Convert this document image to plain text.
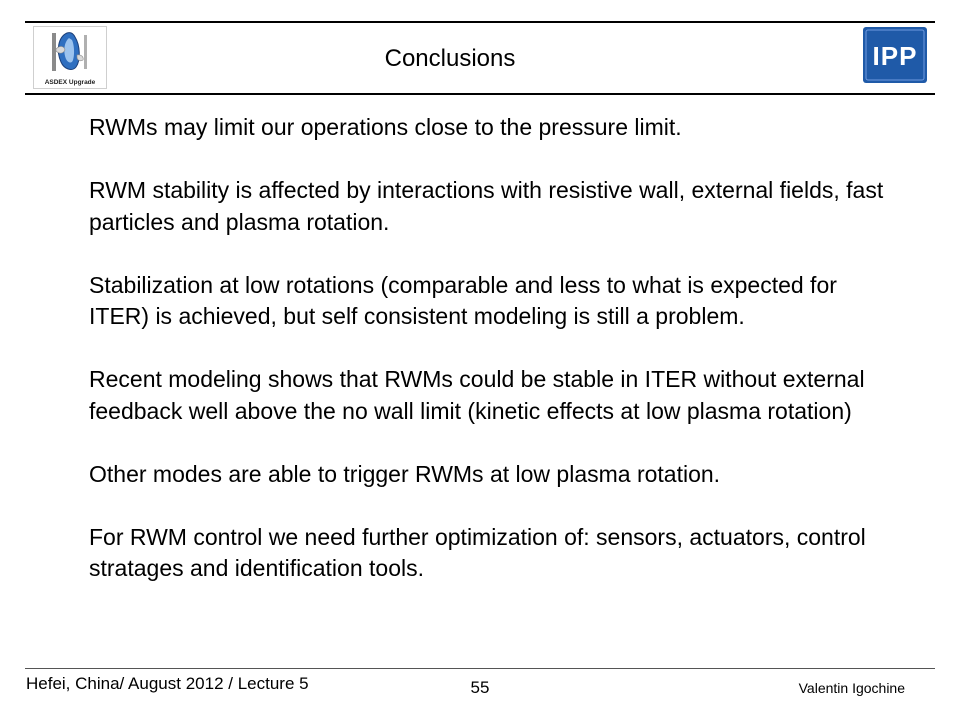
ASDEX Upgrade
Conclusions	IPP

RWMs may limit our operations close to the pressure limit.

RWM stability is affected by interactions with resistive wall, external fields, fast particles and plasma rotation.

Stabilization at low rotations (comparable and less to what is expected for ITER) is achieved, but self consistent modeling is still a problem.

Recent modeling shows that RWMs could be stable in ITER without external feedback well above the no wall limit (kinetic effects at low plasma rotation)

Other modes are able to trigger RWMs at low plasma rotation.

For RWM control we need further optimization of: sensors, actuators, control stratages and identification tools.

Hefei, China/ August 2012 / Lecture 5	55	Valentin Igochine
